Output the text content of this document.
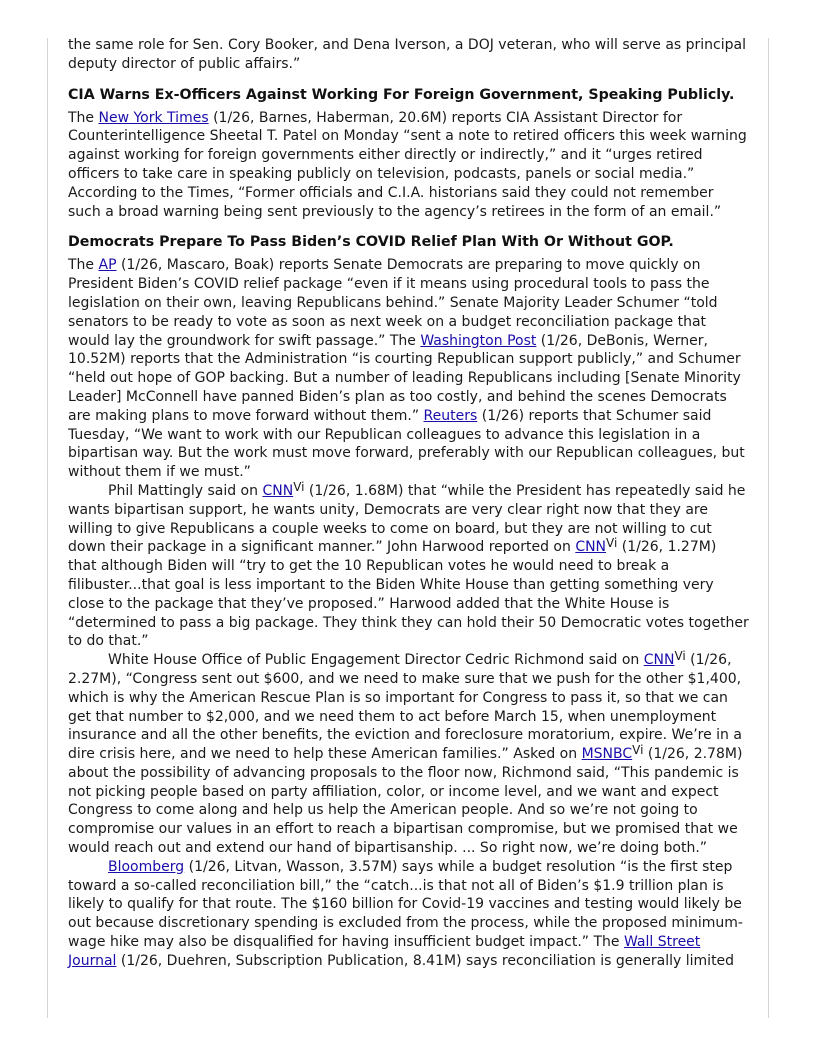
the same role for Sen. Cory Booker, and Dena Iverson, a DOJ veteran, who will serve as principal deputy director of public affairs.”

CIA Warns Ex-Officers Against Working For Foreign Government, Speaking Publicly.

The New York Times (1/26, Barnes, Haberman, 20.6M) reports CIA Assistant Director for Counterintelligence Sheetal T. Patel on Monday “sent a note to retired officers this week warning against working for foreign governments either directly or indirectly,” and it “urges retired officers to take care in speaking publicly on television, podcasts, panels or social media.” According to the Times, “Former officials and C.I.A. historians said they could not remember such a broad warning being sent previously to the agency’s retirees in the form of an email.”

Democrats Prepare To Pass Biden’s COVID Relief Plan With Or Without GOP.

The AP (1/26, Mascaro, Boak) reports Senate Democrats are preparing to move quickly on President Biden’s COVID relief package “even if it means using procedural tools to pass the legislation on their own, leaving Republicans behind.” Senate Majority Leader Schumer “told senators to be ready to vote as soon as next week on a budget reconciliation package that would lay the groundwork for swift passage.” The Washington Post (1/26, DeBonis, Werner, 10.52M) reports that the Administration “is courting Republican support publicly,” and Schumer “held out hope of GOP backing. But a number of leading Republicans including [Senate Minority Leader] McConnell have panned Biden’s plan as too costly, and behind the scenes Democrats are making plans to move forward without them.” Reuters (1/26) reports that Schumer said Tuesday, “We want to work with our Republican colleagues to advance this legislation in a bipartisan way. But the work must move forward, preferably with our Republican colleagues, but without them if we must.”

Phil Mattingly said on $CNN^{Vi}$ (1/26, 1.68M) that “while the President has repeatedly said he wants bipartisan support, he wants unity, Democrats are very clear right now that they are willing to give Republicans a couple weeks to come on board, but they are not willing to cut down their package in a significant manner.” John Harwood reported on $CNN^{Vi}$ (1/26, 1.27M) that although Biden will “try to get the 10 Republican votes he would need to break a filibuster...that goal is less important to the Biden White House than getting something very close to the package that they’ve proposed.” Harwood added that the White House is “determined to pass a big package. They think they can hold their 50 Democratic votes together to do that.”

White House Office of Public Engagement Director Cedric Richmond said on $CNN^{Vi}$ (1/26, 2.27M), “Congress sent out $600, and we need to make sure that we push for the other $1,400, which is why the American Rescue Plan is so important for Congress to pass it, so that we can get that number to $2,000, and we need them to act before March 15, when unemployment insurance and all the other benefits, the eviction and foreclosure moratorium, expire. We’re in a dire crisis here, and we need to help these American families.” Asked on $MSNBC^{Vi}$ (1/26, 2.78M) about the possibility of advancing proposals to the floor now, Richmond said, “This pandemic is not picking people based on party affiliation, color, or income level, and we want and expect Congress to come along and help us help the American people. And so we’re not going to compromise our values in an effort to reach a bipartisan compromise, but we promised that we would reach out and extend our hand of bipartisanship. ... So right now, we’re doing both.”

Bloomberg (1/26, Litvan, Wasson, 3.57M) says while a budget resolution “is the first step toward a so-called reconciliation bill,” the “catch...is that not all of Biden’s $1.9 trillion plan is likely to qualify for that route. The $160 billion for Covid-19 vaccines and testing would likely be out because discretionary spending is excluded from the process, while the proposed minimum-wage hike may also be disqualified for having insufficient budget impact.” The Wall Street Journal (1/26, Duehren, Subscription Publication, 8.41M) says reconciliation is generally limited
